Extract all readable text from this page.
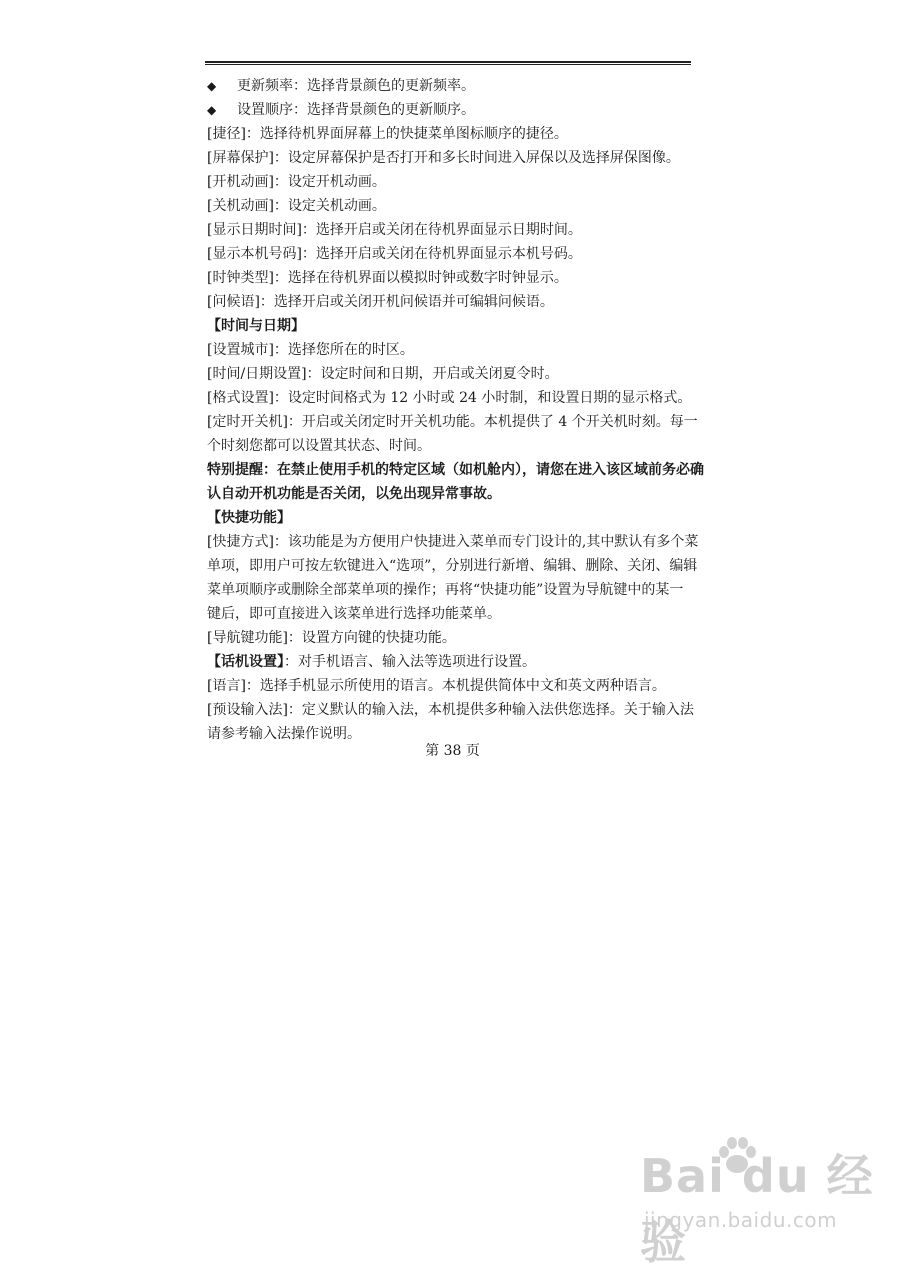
◆ 更新频率：选择背景颜色的更新频率。
◆ 设置顺序：选择背景颜色的更新顺序。
[捷径]：选择待机界面屏幕上的快捷菜单图标顺序的捷径。
[屏幕保护]：设定屏幕保护是否打开和多长时间进入屏保以及选择屏保图像。
[开机动画]：设定开机动画。
[关机动画]：设定关机动画。
[显示日期时间]：选择开启或关闭在待机界面显示日期时间。
[显示本机号码]：选择开启或关闭在待机界面显示本机号码。
[时钟类型]：选择在待机界面以模拟时钟或数字时钟显示。
[问候语]：选择开启或关闭开机问候语并可编辑问候语。
【时间与日期】
[设置城市]：选择您所在的时区。
[时间/日期设置]：设定时间和日期，开启或关闭夏令时。
[格式设置]：设定时间格式为 12 小时或 24 小时制，和设置日期的显示格式。
[定时开关机]：开启或关闭定时开关机功能。本机提供了 4 个开关机时刻。每一
个时刻您都可以设置其状态、时间。
特别提醒：在禁止使用手机的特定区域（如机舱内），请您在进入该区域前务必确
认自动开机功能是否关闭，以免出现异常事故。
【快捷功能】
[快捷方式]：该功能是为方便用户快捷进入菜单而专门设计的,其中默认有多个菜
单项，即用户可按左软键进入“选项”，分别进行新增、编辑、删除、关闭、编辑
菜单项顺序或删除全部菜单项的操作；再将“快捷功能”设置为导航键中的某一
键后，即可直接进入该菜单进行选择功能菜单。
[导航键功能]：设置方向键的快捷功能。
【话机设置】：对手机语言、输入法等选项进行设置。
[语言]：选择手机显示所使用的语言。本机提供简体中文和英文两种语言。
[预设输入法]：定义默认的输入法，本机提供多种输入法供您选择。关于输入法
请参考输入法操作说明。
第 38 页
Bai du 经验
jingyan.baidu.com
